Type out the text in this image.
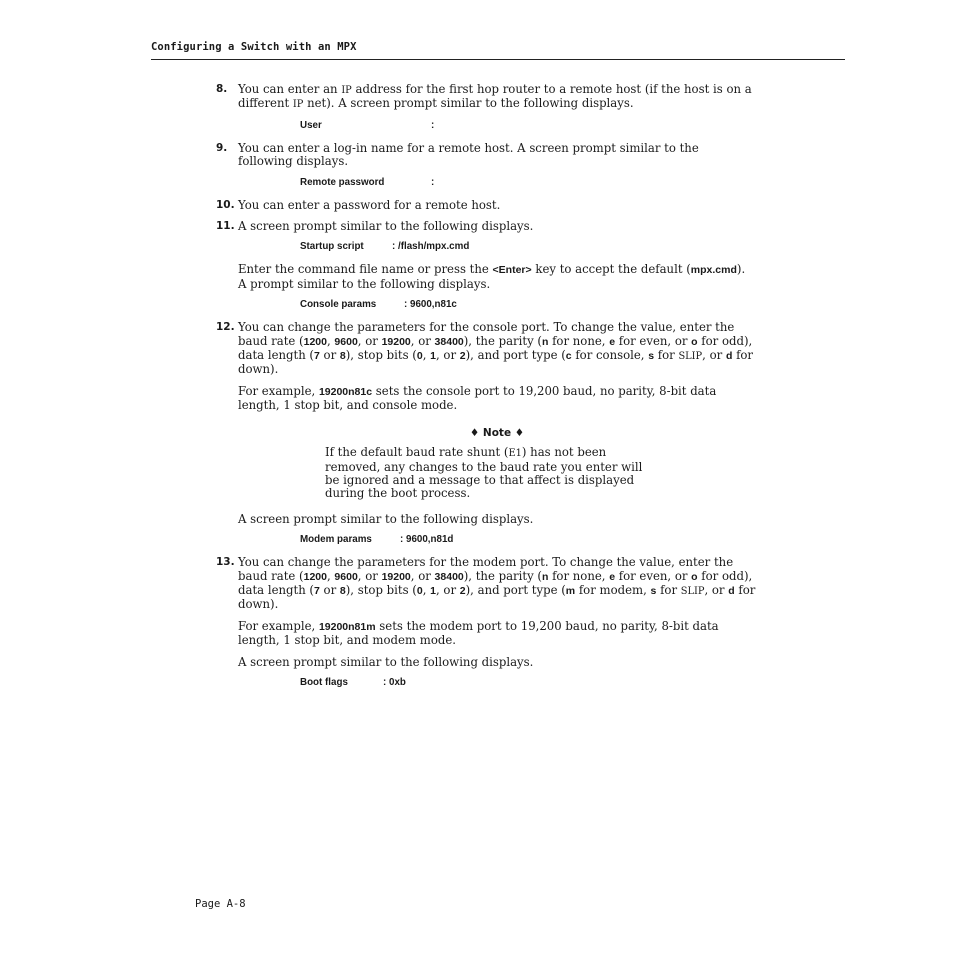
Configuring a Switch with an MPX
8. You can enter an IP address for the first hop router to a remote host (if the host is on a different IP net). A screen prompt similar to the following displays.

User	:
9. You can enter a log-in name for a remote host. A screen prompt similar to the following displays.

Remote password	:
10. You can enter a password for a remote host.

11. A screen prompt similar to the following displays.

Startup script	: /flash/mpx.cmd

Enter the command file name or press the <Enter> key to accept the default (mpx.cmd). A prompt similar to the following displays.

Console params	: 9600,n81c
12. You can change the parameters for the console port. To change the value, enter the baud rate (1200, 9600, or 19200, or 38400), the parity (n for none, e for even, or o for odd), data length (7 or 8), stop bits (0, 1, or 2), and port type (c for console, s for SLIP, or d for down).

For example, 19200n81c sets the console port to 19,200 baud, no parity, 8-bit data length, 1 stop bit, and console mode.

♦ Note ♦

If the default baud rate shunt (E1) has not been removed, any changes to the baud rate you enter will be ignored and a message to that affect is displayed during the boot process.

A screen prompt similar to the following displays.

Modem params	: 9600,n81d
13. You can change the parameters for the modem port. To change the value, enter the baud rate (1200, 9600, or 19200, or 38400), the parity (n for none, e for even, or o for odd), data length (7 or 8), stop bits (0, 1, or 2), and port type (m for modem, s for SLIP, or d for down).

For example, 19200n81m sets the modem port to 19,200 baud, no parity, 8-bit data length, 1 stop bit, and modem mode.

A screen prompt similar to the following displays.

Boot flags	: 0xb
Page A-8
